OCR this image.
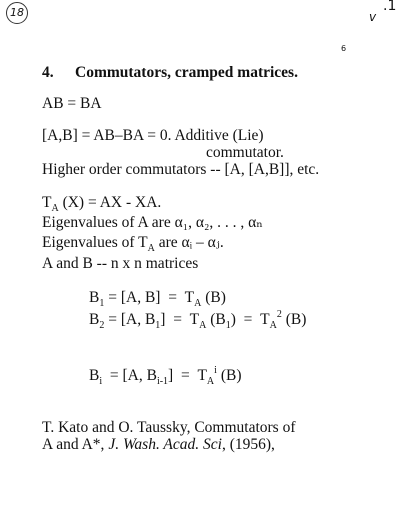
18	.1
v
6
4. Commutators, cramped matrices.
AB = BA
[A,B] = AB–BA = 0. Additive (Lie)
commutator.
Higher order commutators -- [A, [A,B]], etc.
$T_A$ (X) = AX - XA.
Eigenvalues of A are α₁, α₂, . . . , αₙ
Eigenvalues of $T_A$ are αᵢ – αⱼ.
A and B -- n x n matrices
$B_1 = [A$, $B] = T_A$ (B)
$B_2 = [A$, $B_1] = T_A$ $(B_1) = T_A^2$ (B)
$B_i = [A$, $B_{i-1}] = T_A^i$ (B)
T. Kato and O. Taussky, Commutators of
A and A*, J. Wash. Acad. Sci, (1956),
